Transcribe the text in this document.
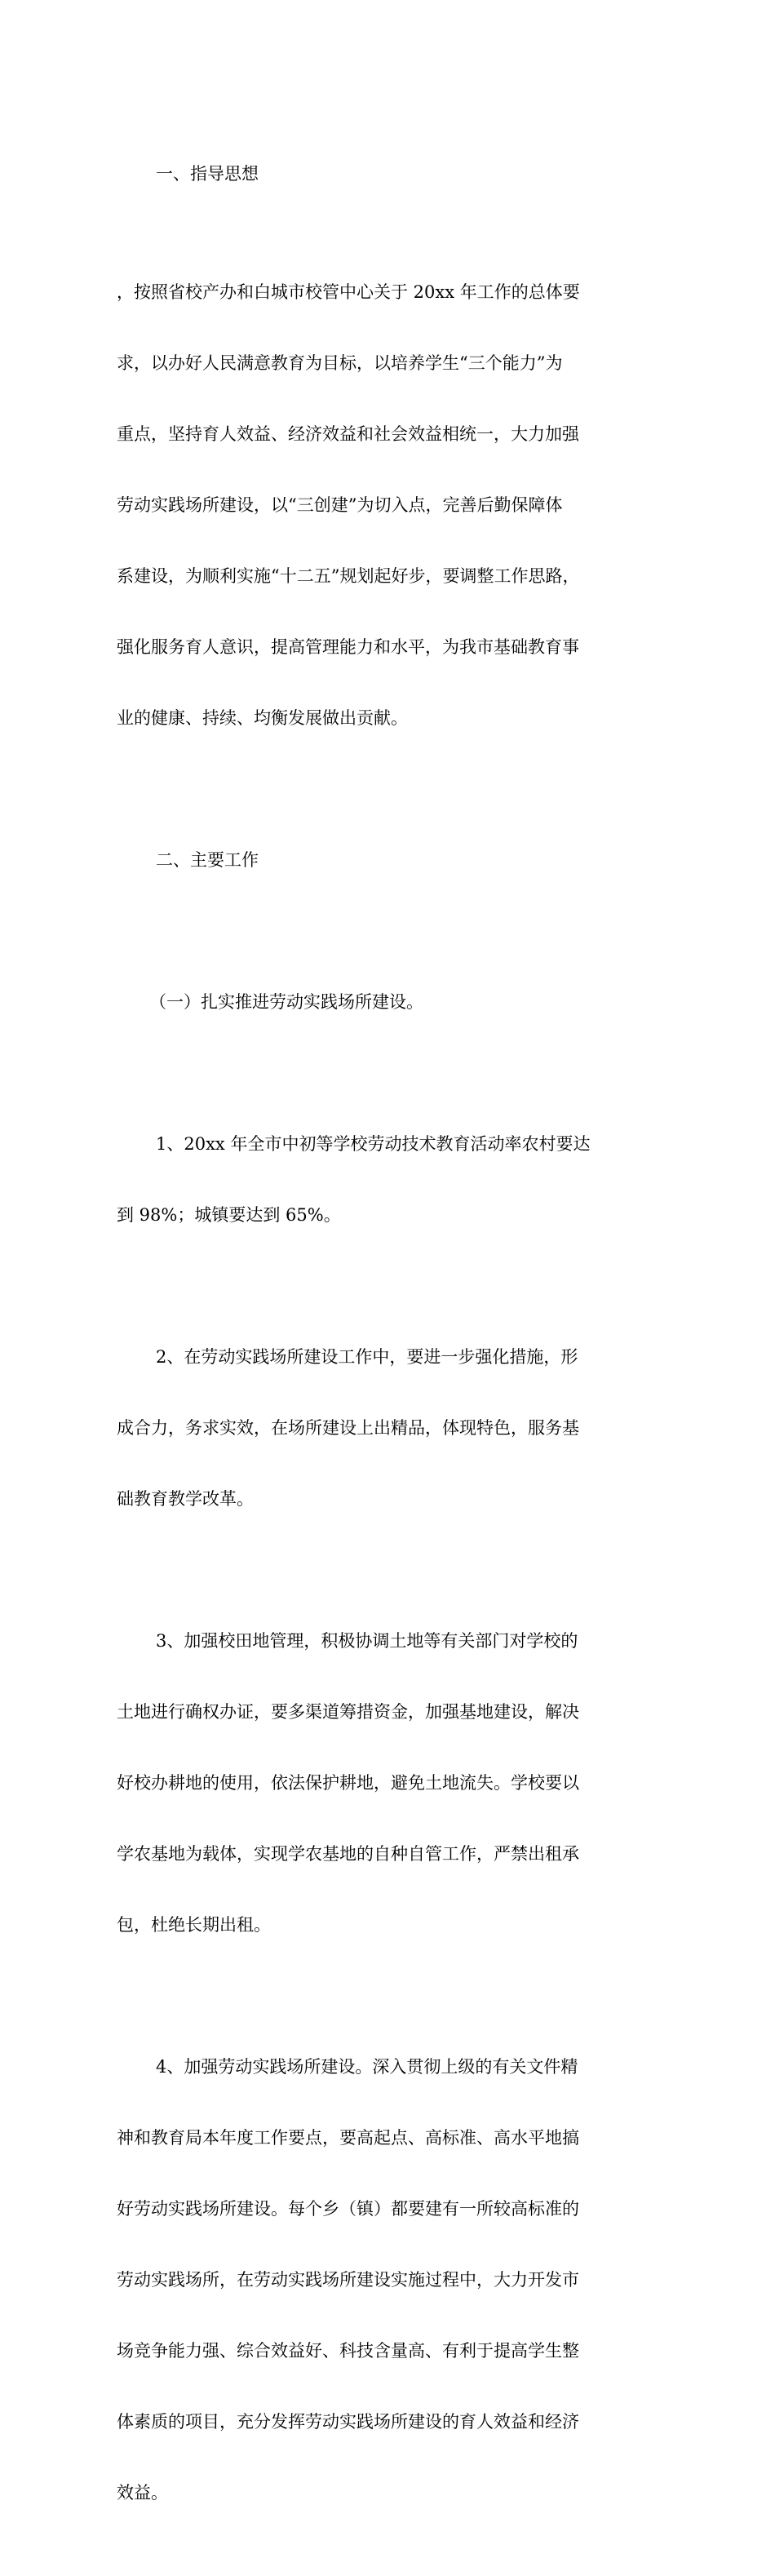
一、指导思想

，按照省校产办和白城市校管中心关于 20xx 年工作的总体要

求，以办好人民满意教育为目标，以培养学生“三个能力”为

重点，坚持育人效益、经济效益和社会效益相统一，大力加强

劳动实践场所建设，以“三创建”为切入点，完善后勤保障体

系建设，为顺利实施“十二五”规划起好步，要调整工作思路，

强化服务育人意识，提高管理能力和水平，为我市基础教育事

业的健康、持续、均衡发展做出贡献。

二、主要工作

（一）扎实推进劳动实践场所建设。

1、20xx 年全市中初等学校劳动技术教育活动率农村要达

到 98%；城镇要达到 65%。

2、在劳动实践场所建设工作中，要进一步强化措施，形

成合力，务求实效，在场所建设上出精品，体现特色，服务基

础教育教学改革。

3、加强校田地管理，积极协调土地等有关部门对学校的

土地进行确权办证，要多渠道筹措资金，加强基地建设，解决

好校办耕地的使用，依法保护耕地，避免土地流失。学校要以

学农基地为载体，实现学农基地的自种自管工作，严禁出租承

包，杜绝长期出租。

4、加强劳动实践场所建设。深入贯彻上级的有关文件精

神和教育局本年度工作要点，要高起点、高标准、高水平地搞

好劳动实践场所建设。每个乡（镇）都要建有一所较高标准的

劳动实践场所，在劳动实践场所建设实施过程中，大力开发市

场竞争能力强、综合效益好、科技含量高、有利于提高学生整

体素质的项目，充分发挥劳动实践场所建设的育人效益和经济

效益。
